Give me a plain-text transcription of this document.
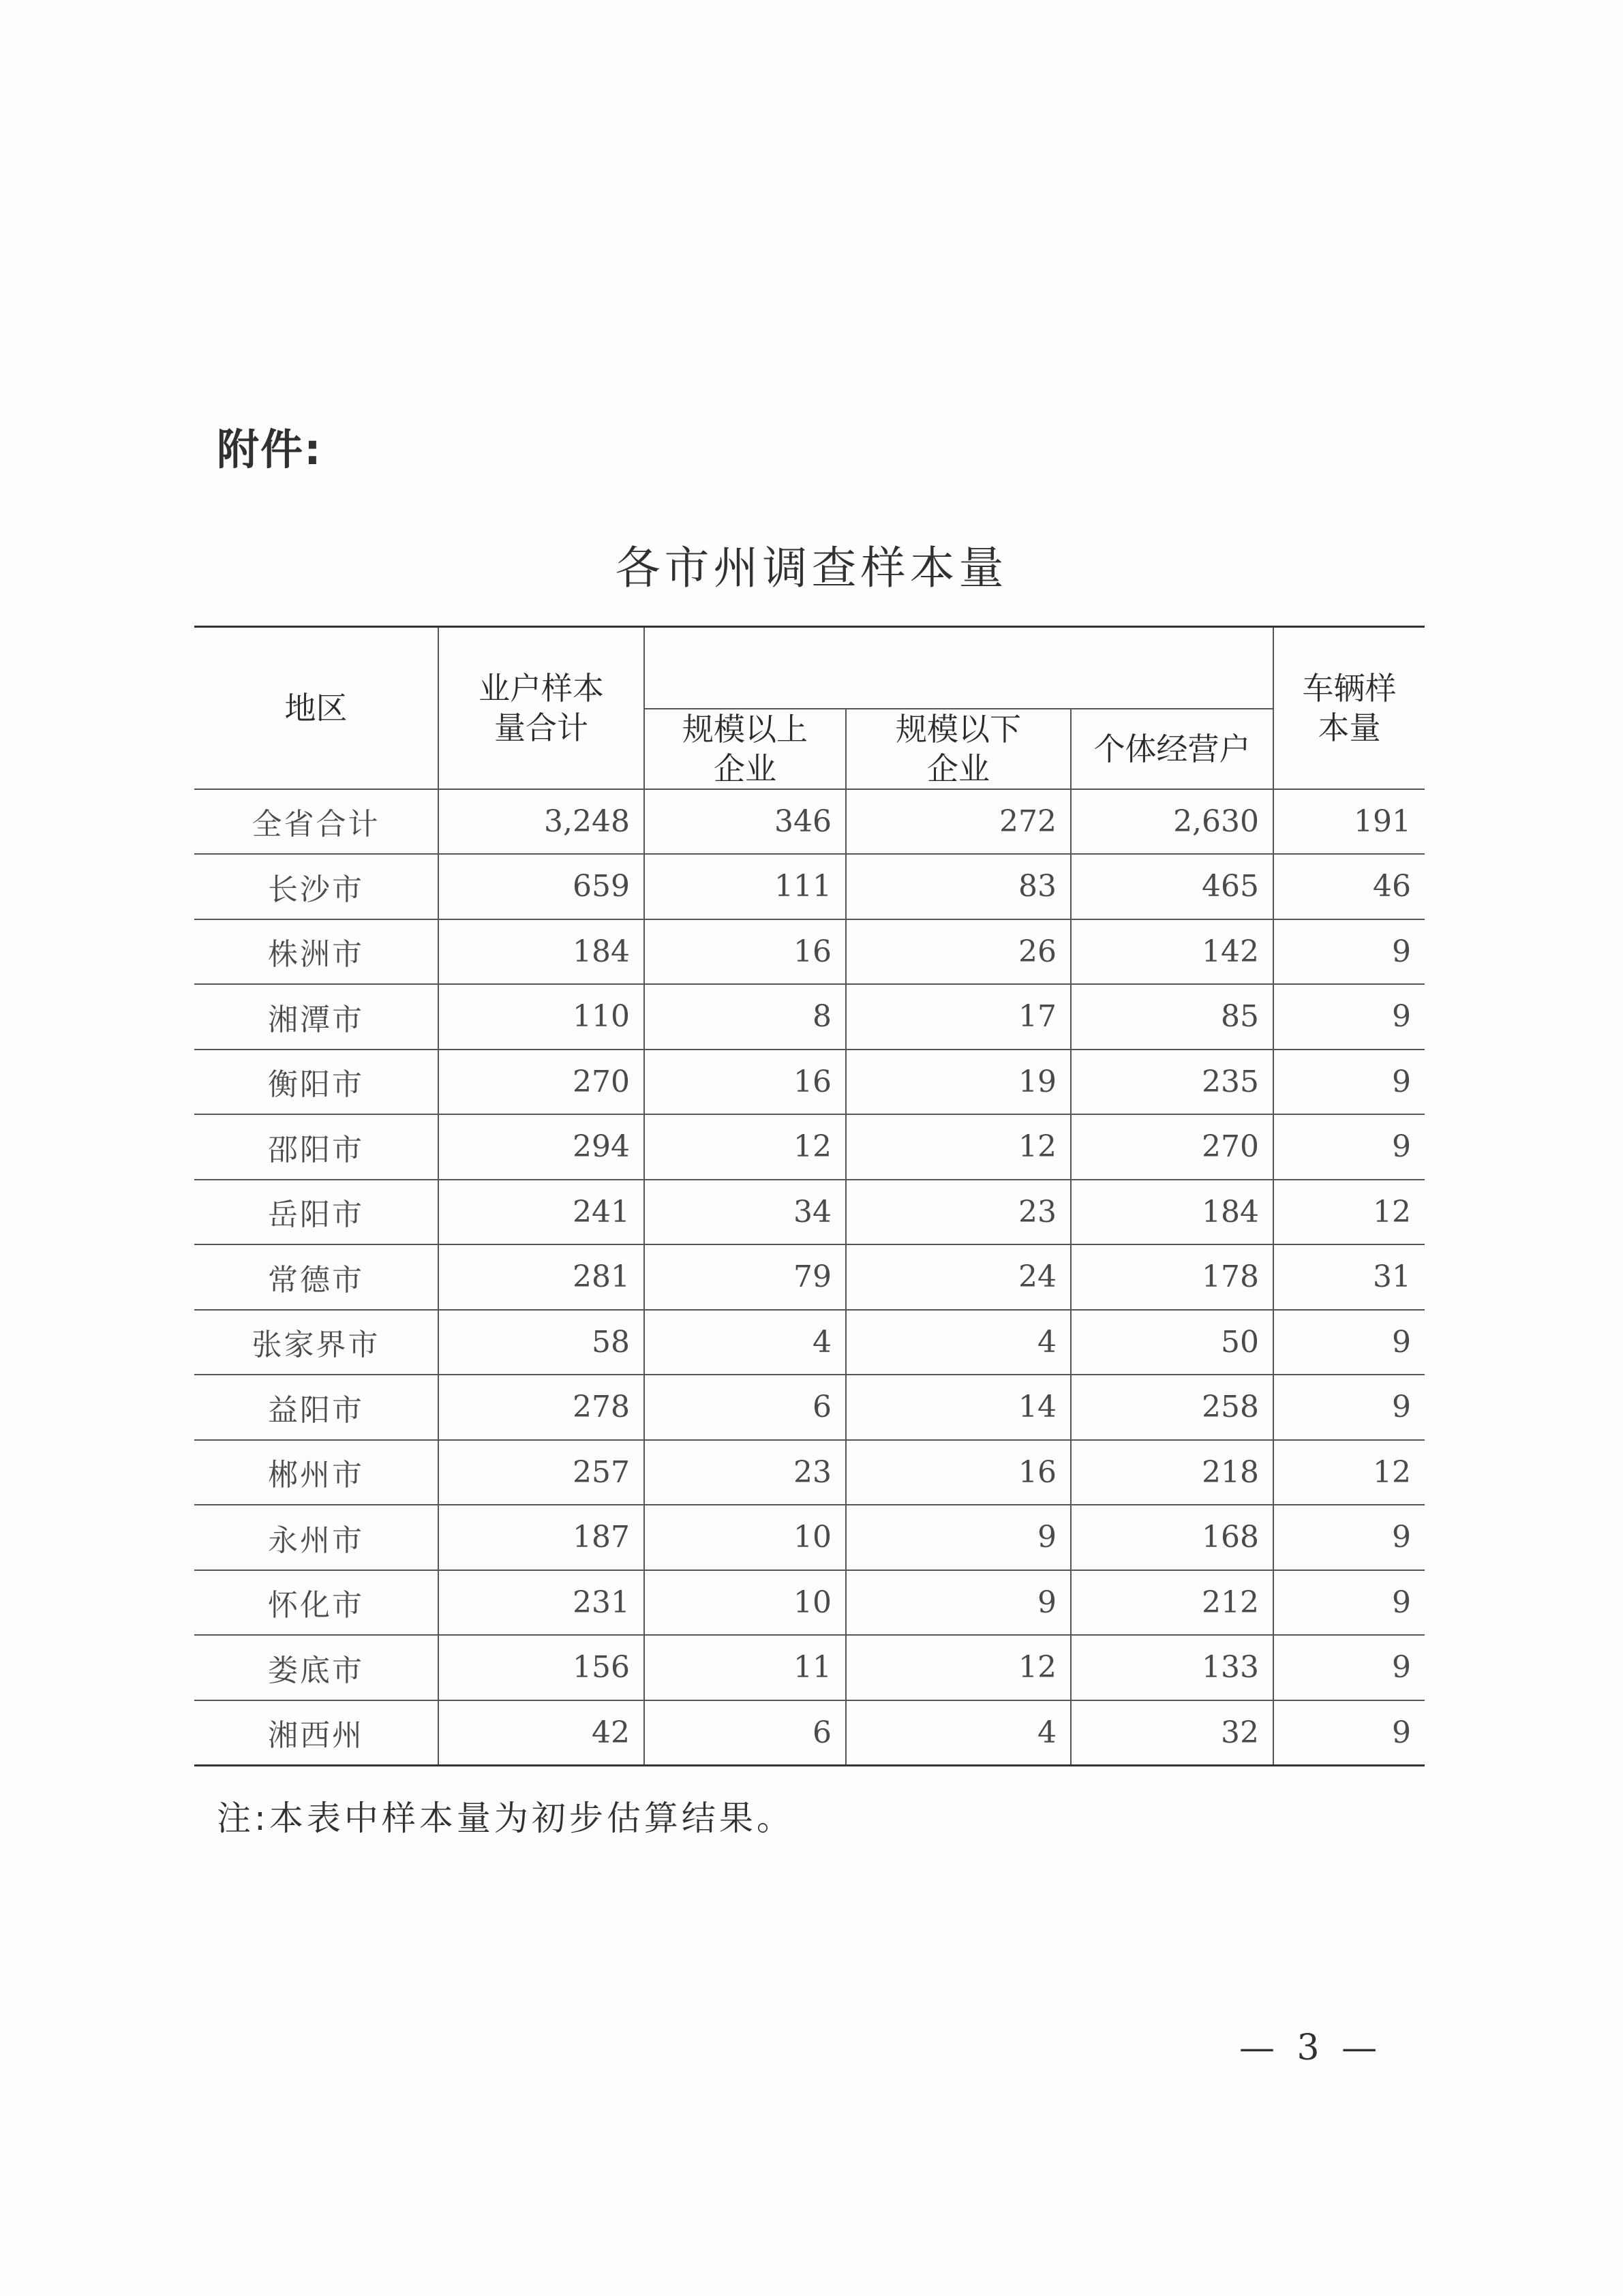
附件:
各市州调查样本量
地区	业户样本量合计				车辆样本量
		规模以上企业	规模以下企业	个体经营户	
全省合计	3,248	346	272	2,630	191
长沙市	659	111	83	465	46
株洲市	184	16	26	142	9
湘潭市	110	8	17	85	9
衡阳市	270	16	19	235	9
邵阳市	294	12	12	270	9
岳阳市	241	34	23	184	12
常德市	281	79	24	178	31
张家界市	58	4	4	50	9
益阳市	278	6	14	258	9
郴州市	257	23	16	218	12
永州市	187	10	9	168	9
怀化市	231	10	9	212	9
娄底市	156	11	12	133	9
湘西州	42	6	4	32	9
注:本表中样本量为初步估算结果。
— 3 —
